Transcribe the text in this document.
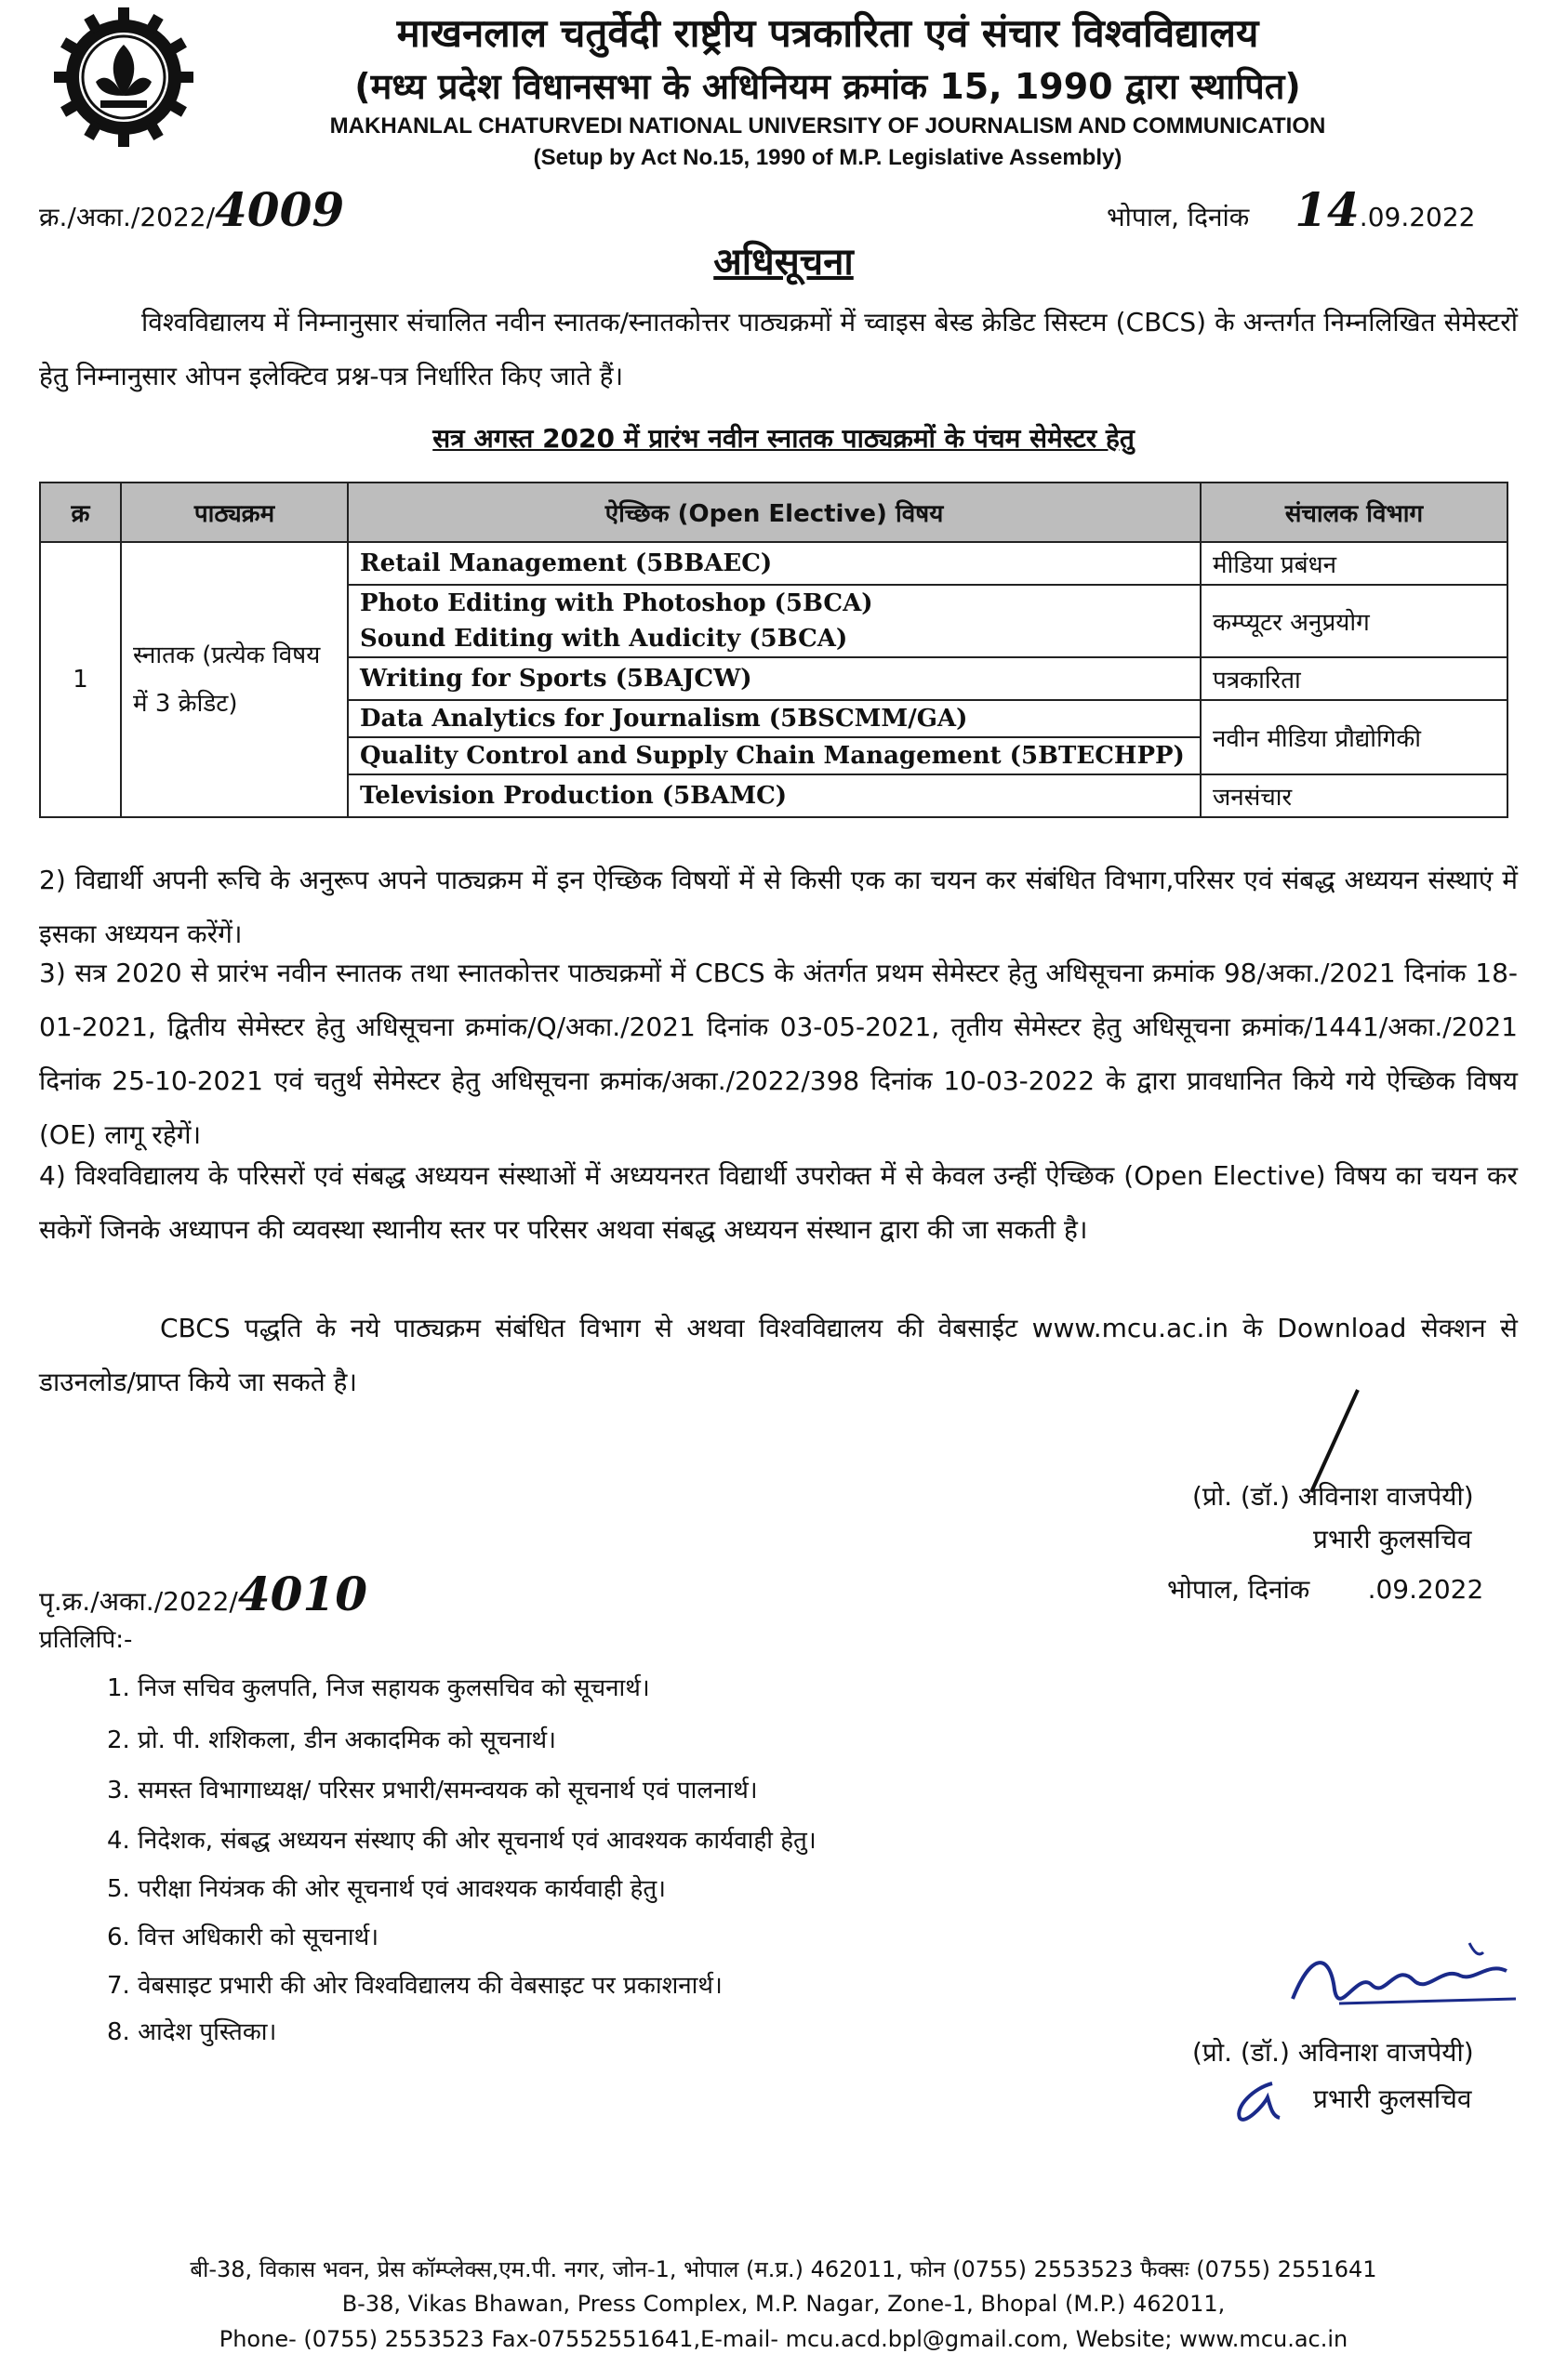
माखनलाल चतुर्वेदी राष्ट्रीय पत्रकारिता एवं संचार विश्वविद्यालय
(मध्य प्रदेश विधानसभा के अधिनियम क्रमांक 15, 1990 द्वारा स्थापित)
MAKHANLAL CHATURVEDI NATIONAL UNIVERSITY OF JOURNALISM AND COMMUNICATION
(Setup by Act No.15, 1990 of M.P. Legislative Assembly)
क्र./अका./2022/4009	भोपाल, दिनांक 14.09.2022
अधिसूचना
विश्वविद्यालय में निम्नानुसार संचालित नवीन स्नातक/स्नातकोत्तर पाठ्यक्रमों में च्वाइस बेस्ड क्रेडिट सिस्टम (CBCS) के अन्तर्गत निम्नलिखित सेमेस्टरों हेतु निम्नानुसार ओपन इलेक्टिव प्रश्न-पत्र निर्धारित किए जाते हैं।
सत्र अगस्त 2020 में प्रारंभ नवीन स्नातक पाठ्यक्रमों के पंचम सेमेस्टर हेतु
क्र	पाठ्यक्रम	ऐच्छिक (Open Elective) विषय	संचालक विभाग
1	स्नातक (प्रत्येक विषय में 3 क्रेडिट)	Retail Management (5BBAEC)	मीडिया प्रबंधन
		Photo Editing with Photoshop (5BCA)	कम्प्यूटर अनुप्रयोग
		Sound Editing with Audicity (5BCA)	
		Writing for Sports (5BAJCW)	पत्रकारिता
		Data Analytics for Journalism (5BSCMM/GA)	नवीन मीडिया प्रौद्योगिकी
		Quality Control and Supply Chain Management (5BTECHPP)	
		Television Production (5BAMC)	जनसंचार
2) विद्यार्थी अपनी रूचि के अनुरूप अपने पाठ्यक्रम में इन ऐच्छिक विषयों में से किसी एक का चयन कर संबंधित विभाग,परिसर एवं संबद्ध अध्ययन संस्थाएं में इसका अध्ययन करेंगें।
3) सत्र 2020 से प्रारंभ नवीन स्नातक तथा स्नातकोत्तर पाठ्यक्रमों में CBCS के अंतर्गत प्रथम सेमेस्टर हेतु अधिसूचना क्रमांक 98/अका./2021 दिनांक 18-01-2021, द्वितीय सेमेस्टर हेतु अधिसूचना क्रमांक/Q/अका./2021 दिनांक 03-05-2021, तृतीय सेमेस्टर हेतु अधिसूचना क्रमांक/1441/अका./2021 दिनांक 25-10-2021 एवं चतुर्थ सेमेस्टर हेतु अधिसूचना क्रमांक/अका./2022/398 दिनांक 10-03-2022 के द्वारा प्रावधानित किये गये ऐच्छिक विषय (OE) लागू रहेगें।
4) विश्वविद्यालय के परिसरों एवं संबद्ध अध्ययन संस्थाओं में अध्ययनरत विद्यार्थी उपरोक्त में से केवल उन्हीं ऐच्छिक (Open Elective) विषय का चयन कर सकेगें जिनके अध्यापन की व्यवस्था स्थानीय स्तर पर परिसर अथवा संबद्ध अध्ययन संस्थान द्वारा की जा सकती है।
CBCS पद्धति के नये पाठ्यक्रम संबंधित विभाग से अथवा विश्वविद्यालय की वेबसाईट www.mcu.ac.in के Download सेक्शन से डाउनलोड/प्राप्त किये जा सकते है।
(प्रो. (डॉ.) अविनाश वाजपेयी)
प्रभारी कुलसचिव
पृ.क्र./अका./2022/4010	भोपाल, दिनांक       .09.2022
प्रतिलिपि:-
1. निज सचिव कुलपति, निज सहायक कुलसचिव को सूचनार्थ।
2. प्रो. पी. शशिकला, डीन अकादमिक को सूचनार्थ।
3. समस्त विभागाध्यक्ष/ परिसर प्रभारी/समन्वयक को सूचनार्थ एवं पालनार्थ।
4. निदेशक, संबद्ध अध्ययन संस्थाए की ओर सूचनार्थ एवं आवश्यक कार्यवाही हेतु।
5. परीक्षा नियंत्रक की ओर सूचनार्थ एवं आवश्यक कार्यवाही हेतु।
6. वित्त अधिकारी को सूचनार्थ।
7. वेबसाइट प्रभारी की ओर विश्वविद्यालय की वेबसाइट पर प्रकाशनार्थ।
8. आदेश पुस्तिका।
(प्रो. (डॉ.) अविनाश वाजपेयी)
प्रभारी कुलसचिव
बी-38, विकास भवन, प्रेस कॉम्प्लेक्स,एम.पी. नगर, जोन-1, भोपाल (म.प्र.) 462011, फोन (0755) 2553523 फैक्सः (0755) 2551641
B-38, Vikas Bhawan, Press Complex, M.P. Nagar, Zone-1, Bhopal (M.P.) 462011,
Phone- (0755) 2553523 Fax-07552551641,E-mail- mcu.acd.bpl@gmail.com, Website; www.mcu.ac.in
